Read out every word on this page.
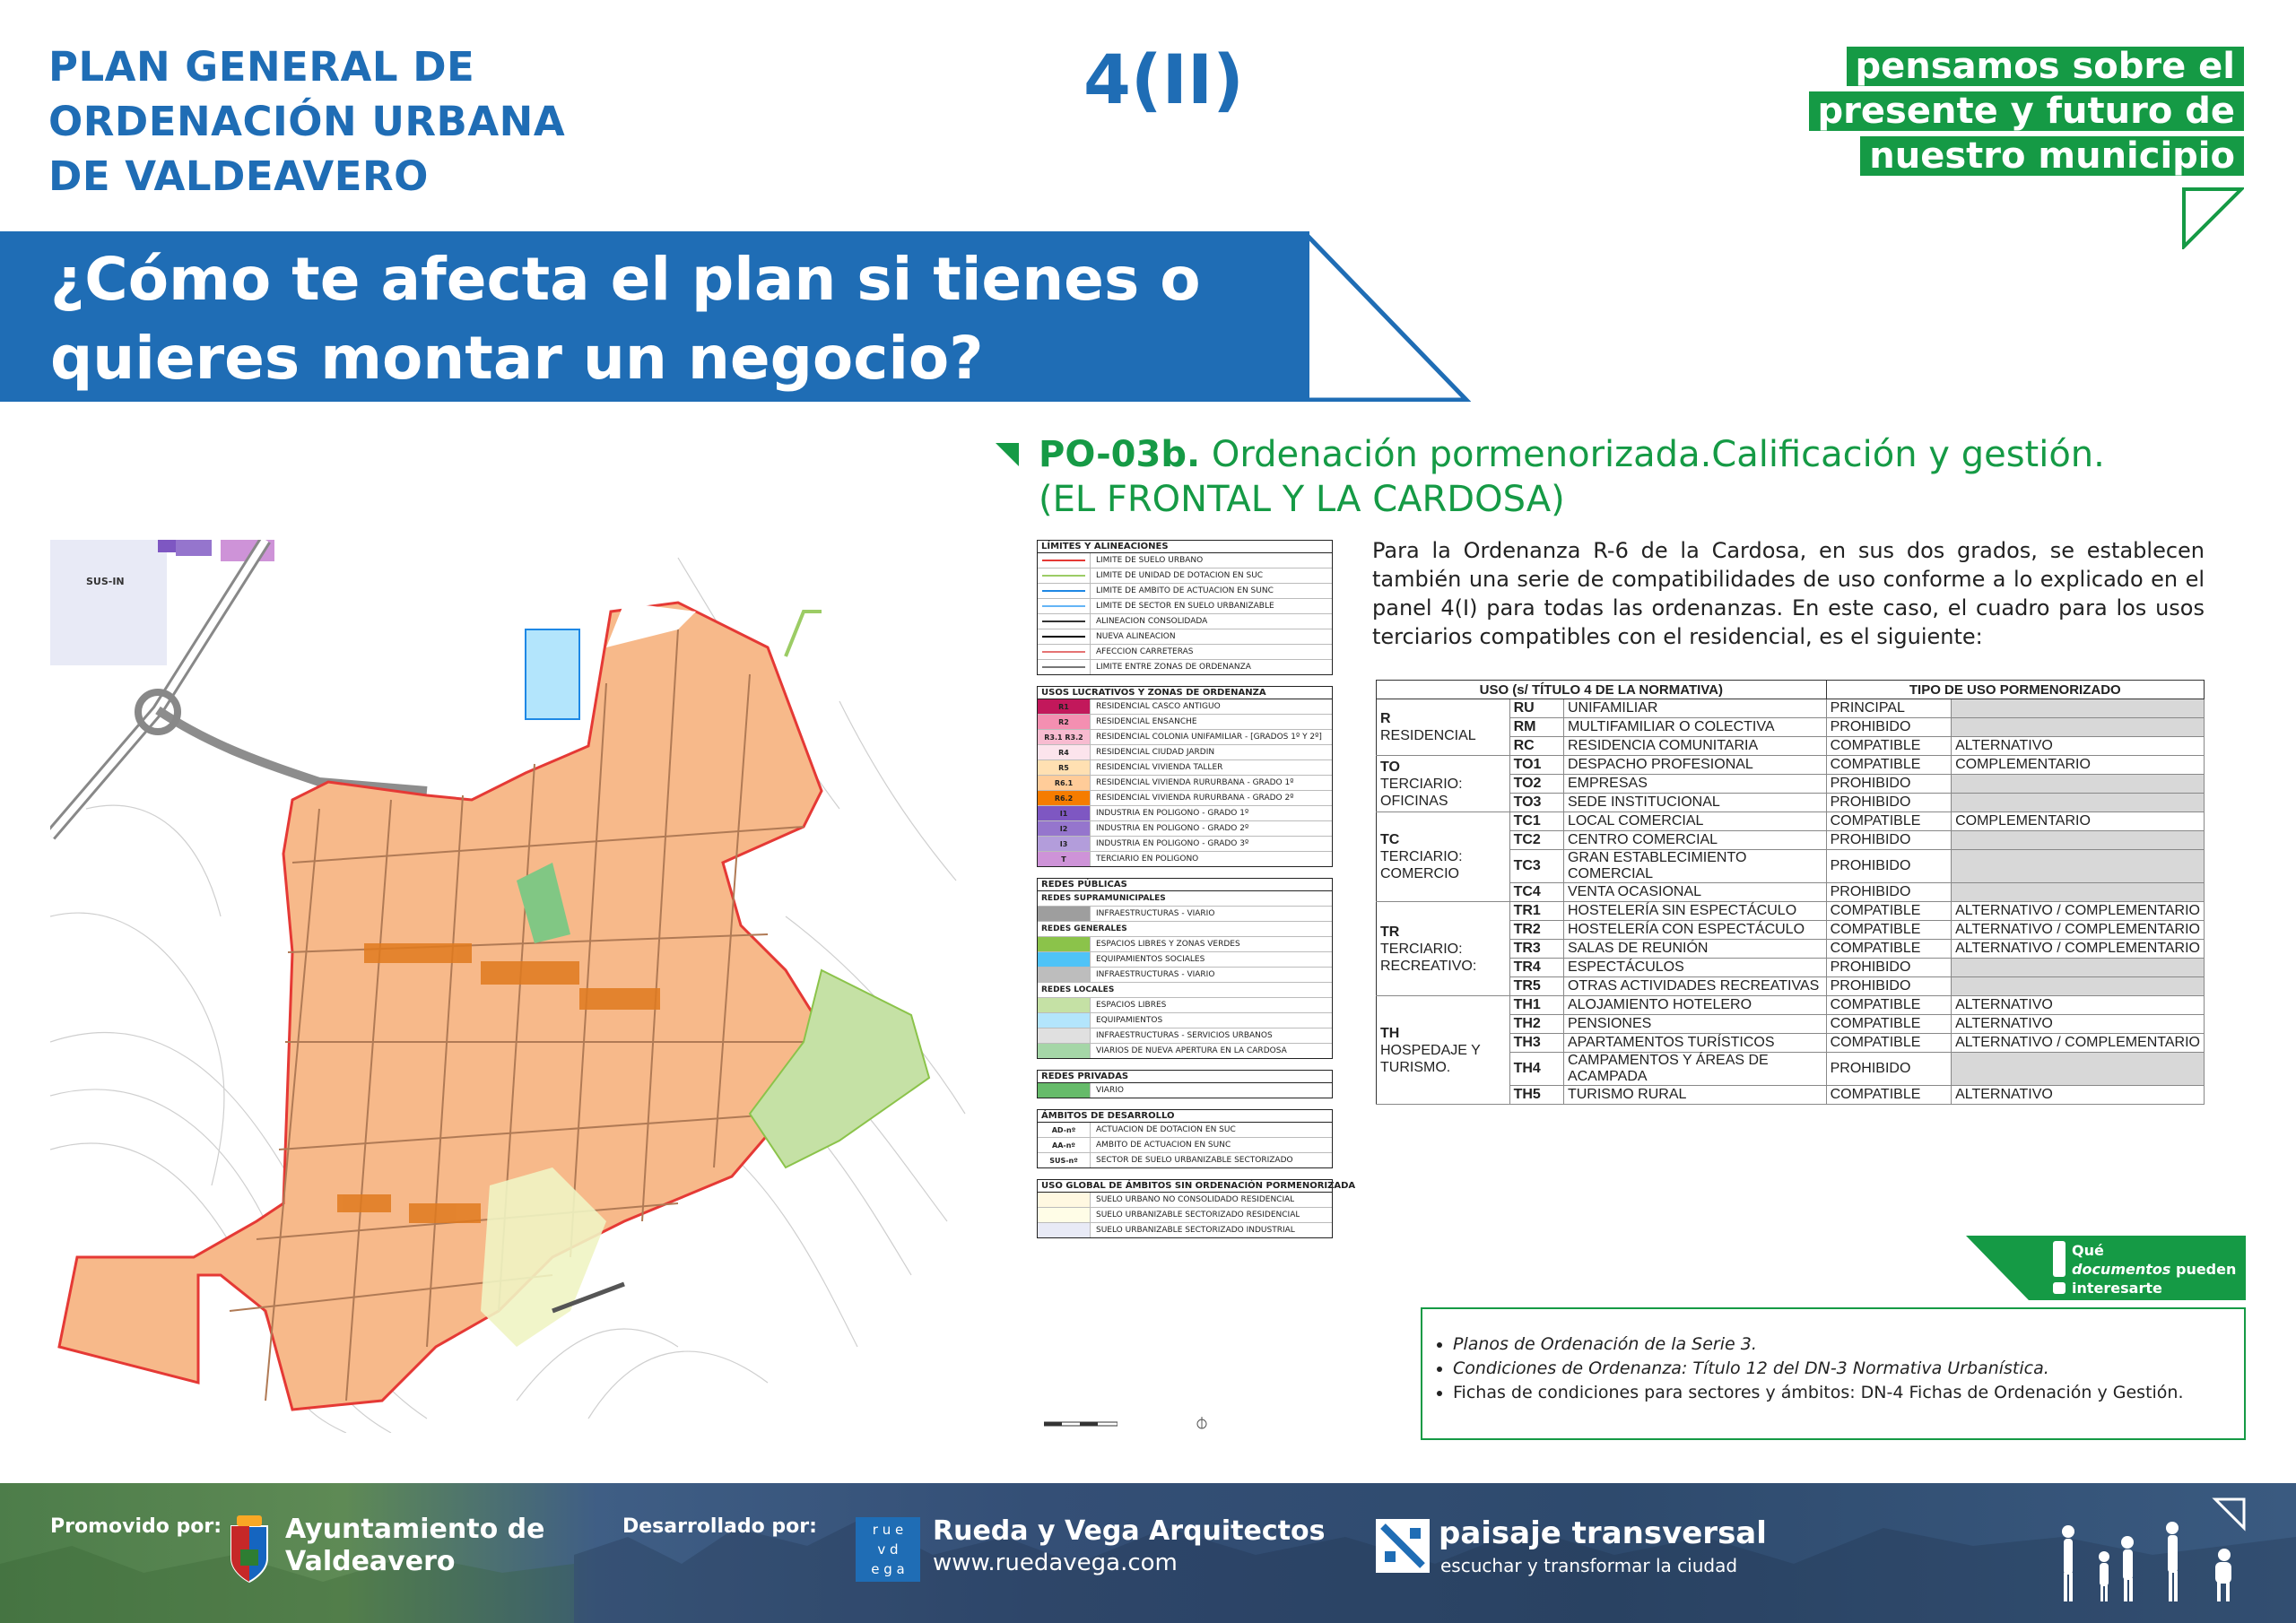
PLAN GENERAL DE
ORDENACIÓN URBANA
DE VALDEAVERO
4(II)	pensamos sobre el
presente y futuro de
nuestro municipio
¿Cómo te afecta el plan si tienes o
quieres montar un negocio?
PO-03b. Ordenación pormenorizada.Calificación y gestión.
(EL FRONTAL Y LA CARDOSA)
SUS-IN
LÍMITES Y ALINEACIONES
LÍMITE DE SUELO URBANO
LÍMITE DE UNIDAD DE DOTACIÓN EN SUC
LÍMITE DE ÁMBITO DE ACTUACIÓN EN SUNC
LÍMITE DE SECTOR EN SUELO URBANIZABLE
ALINEACIÓN CONSOLIDADA
NUEVA ALINEACIÓN
AFECCIÓN CARRETERAS
LÍMITE ENTRE ZONAS DE ORDENANZA
USOS LUCRATIVOS Y ZONAS DE ORDENANZA
R1	RESIDENCIAL CASCO ANTIGUO
R2	RESIDENCIAL ENSANCHE
R3.1 R3.2	RESIDENCIAL COLONIA UNIFAMILIAR - [GRADOS 1º Y 2º]
R4	RESIDENCIAL CIUDAD JARDÍN
R5	RESIDENCIAL VIVIENDA TALLER
R6.1	RESIDENCIAL VIVIENDA RURURBANA - GRADO 1º
R6.2	RESIDENCIAL VIVIENDA RURURBANA - GRADO 2º
I1	INDUSTRIA EN POLÍGONO - GRADO 1º
I2	INDUSTRIA EN POLÍGONO - GRADO 2º
I3	INDUSTRIA EN POLÍGONO - GRADO 3º
T	TERCIARIO EN POLÍGONO
REDES PÚBLICAS
REDES SUPRAMUNICIPALES
INFRAESTRUCTURAS - VIARIO
REDES GENERALES
ESPACIOS LIBRES Y ZONAS VERDES
EQUIPAMIENTOS SOCIALES
INFRAESTRUCTURAS - VIARIO
REDES LOCALES
ESPACIOS LIBRES
EQUIPAMIENTOS
INFRAESTRUCTURAS - SERVICIOS URBANOS
VIARIOS DE NUEVA APERTURA EN LA CARDOSA
REDES PRIVADAS
VIARIO
ÁMBITOS DE DESARROLLO
AD-nº	ACTUACIÓN DE DOTACIÓN EN SUC
AA-nº	ÁMBITO DE ACTUACIÓN EN SUNC
SUS-nº	SECTOR DE SUELO URBANIZABLE SECTORIZADO
USO GLOBAL DE ÁMBITOS SIN ORDENACIÓN PORMENORIZADA
SUELO URBANO NO CONSOLIDADO RESIDENCIAL
SUELO URBANIZABLE SECTORIZADO RESIDENCIAL
SUELO URBANIZABLE SECTORIZADO INDUSTRIAL
Para la Ordenanza R-6 de la Cardosa, en sus dos grados, se establecen también una serie de compatibilidades de uso conforme a lo explicado en el panel 4(I) para todas las ordenanzas. En este caso, el cuadro para los usos terciarios compatibles con el residencial, es el siguiente:
USO (s/ TÍTULO 4 DE LA NORMATIVA)			TIPO DE USO PORMENORIZADO	

R
RESIDENCIAL	RU	UNIFAMILIAR	PRINCIPAL	
	RM	MULTIFAMILIAR O COLECTIVA	PROHIBIDO	
	RC	RESIDENCIA COMUNITARIA	COMPATIBLE	ALTERNATIVO

TO
TERCIARIO: OFICINAS	TO1	DESPACHO PROFESIONAL	COMPATIBLE	COMPLEMENTARIO
	TO2	EMPRESAS	PROHIBIDO	
	TO3	SEDE INSTITUCIONAL	PROHIBIDO	

TC
TERCIARIO: COMERCIO	TC1	LOCAL COMERCIAL	COMPATIBLE	COMPLEMENTARIO
	TC2	CENTRO COMERCIAL	PROHIBIDO	
	TC3	GRAN ESTABLECIMIENTO COMERCIAL	PROHIBIDO	
	TC4	VENTA OCASIONAL	PROHIBIDO	

TR
TERCIARIO: RECREATIVO:	TR1	HOSTELERÍA SIN ESPECTÁCULO	COMPATIBLE	ALTERNATIVO / COMPLEMENTARIO
	TR2	HOSTELERÍA CON ESPECTÁCULO	COMPATIBLE	ALTERNATIVO / COMPLEMENTARIO
	TR3	SALAS DE REUNIÓN	COMPATIBLE	ALTERNATIVO / COMPLEMENTARIO
	TR4	ESPECTÁCULOS	PROHIBIDO	
	TR5	OTRAS ACTIVIDADES RECREATIVAS	PROHIBIDO	

TH
HOSPEDAJE Y TURISMO.	TH1	ALOJAMIENTO HOTELERO	COMPATIBLE	ALTERNATIVO
	TH2	PENSIONES	COMPATIBLE	ALTERNATIVO
	TH3	APARTAMENTOS TURÍSTICOS	COMPATIBLE	ALTERNATIVO / COMPLEMENTARIO
	TH4	CAMPAMENTOS Y ÁREAS DE ACAMPADA	PROHIBIDO	
	TH5	TURISMO RURAL	COMPATIBLE	ALTERNATIVO
Qué
documentos pueden
interesarte
• Planos de Ordenación de la Serie 3.
• Condiciones de Ordenanza: Título 12 del DN-3 Normativa Urbanística.
• Fichas de condiciones para sectores y ámbitos: DN-4 Fichas de Ordenación y Gestión.
Promovido por: Ayuntamiento de
Valdeavero
Desarrollado por:	r u e
v d
e g a
Rueda y Vega Arquitectos
www.ruedavega.com
paisaje transversal
escuchar y transformar la ciudad
